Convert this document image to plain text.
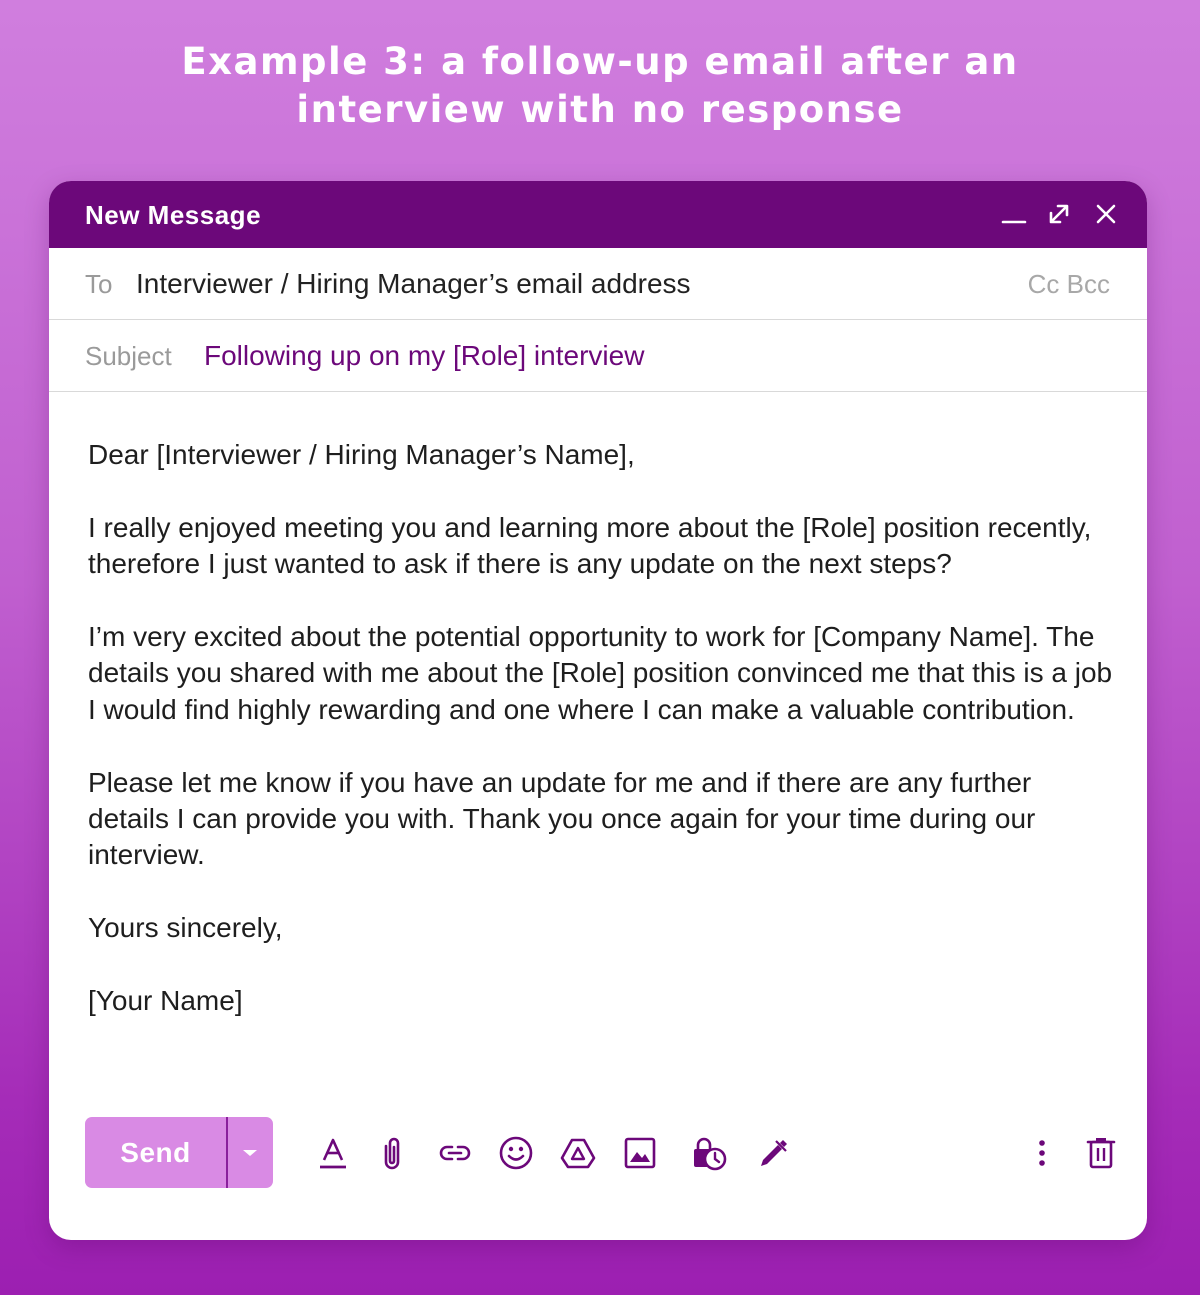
Example 3: a follow-up email after an
interview with no response
New Message
To Interviewer / Hiring Manager’s email address	Cc Bcc
Subject Following up on my [Role] interview

Dear [Interviewer / Hiring Manager’s Name],

I really enjoyed meeting you and learning more about the [Role] position recently, therefore I just wanted to ask if there is any update on the next steps?

I’m very excited about the potential opportunity to work for [Company Name]. The details you shared with me about the [Role] position convinced me that this is a job I would find highly rewarding and one where I can make a valuable contribution.

Please let me know if you have an update for me and if there are any further details I can provide you with. Thank you once again for your time during our interview.

Yours sincerely,

[Your Name]

Send
